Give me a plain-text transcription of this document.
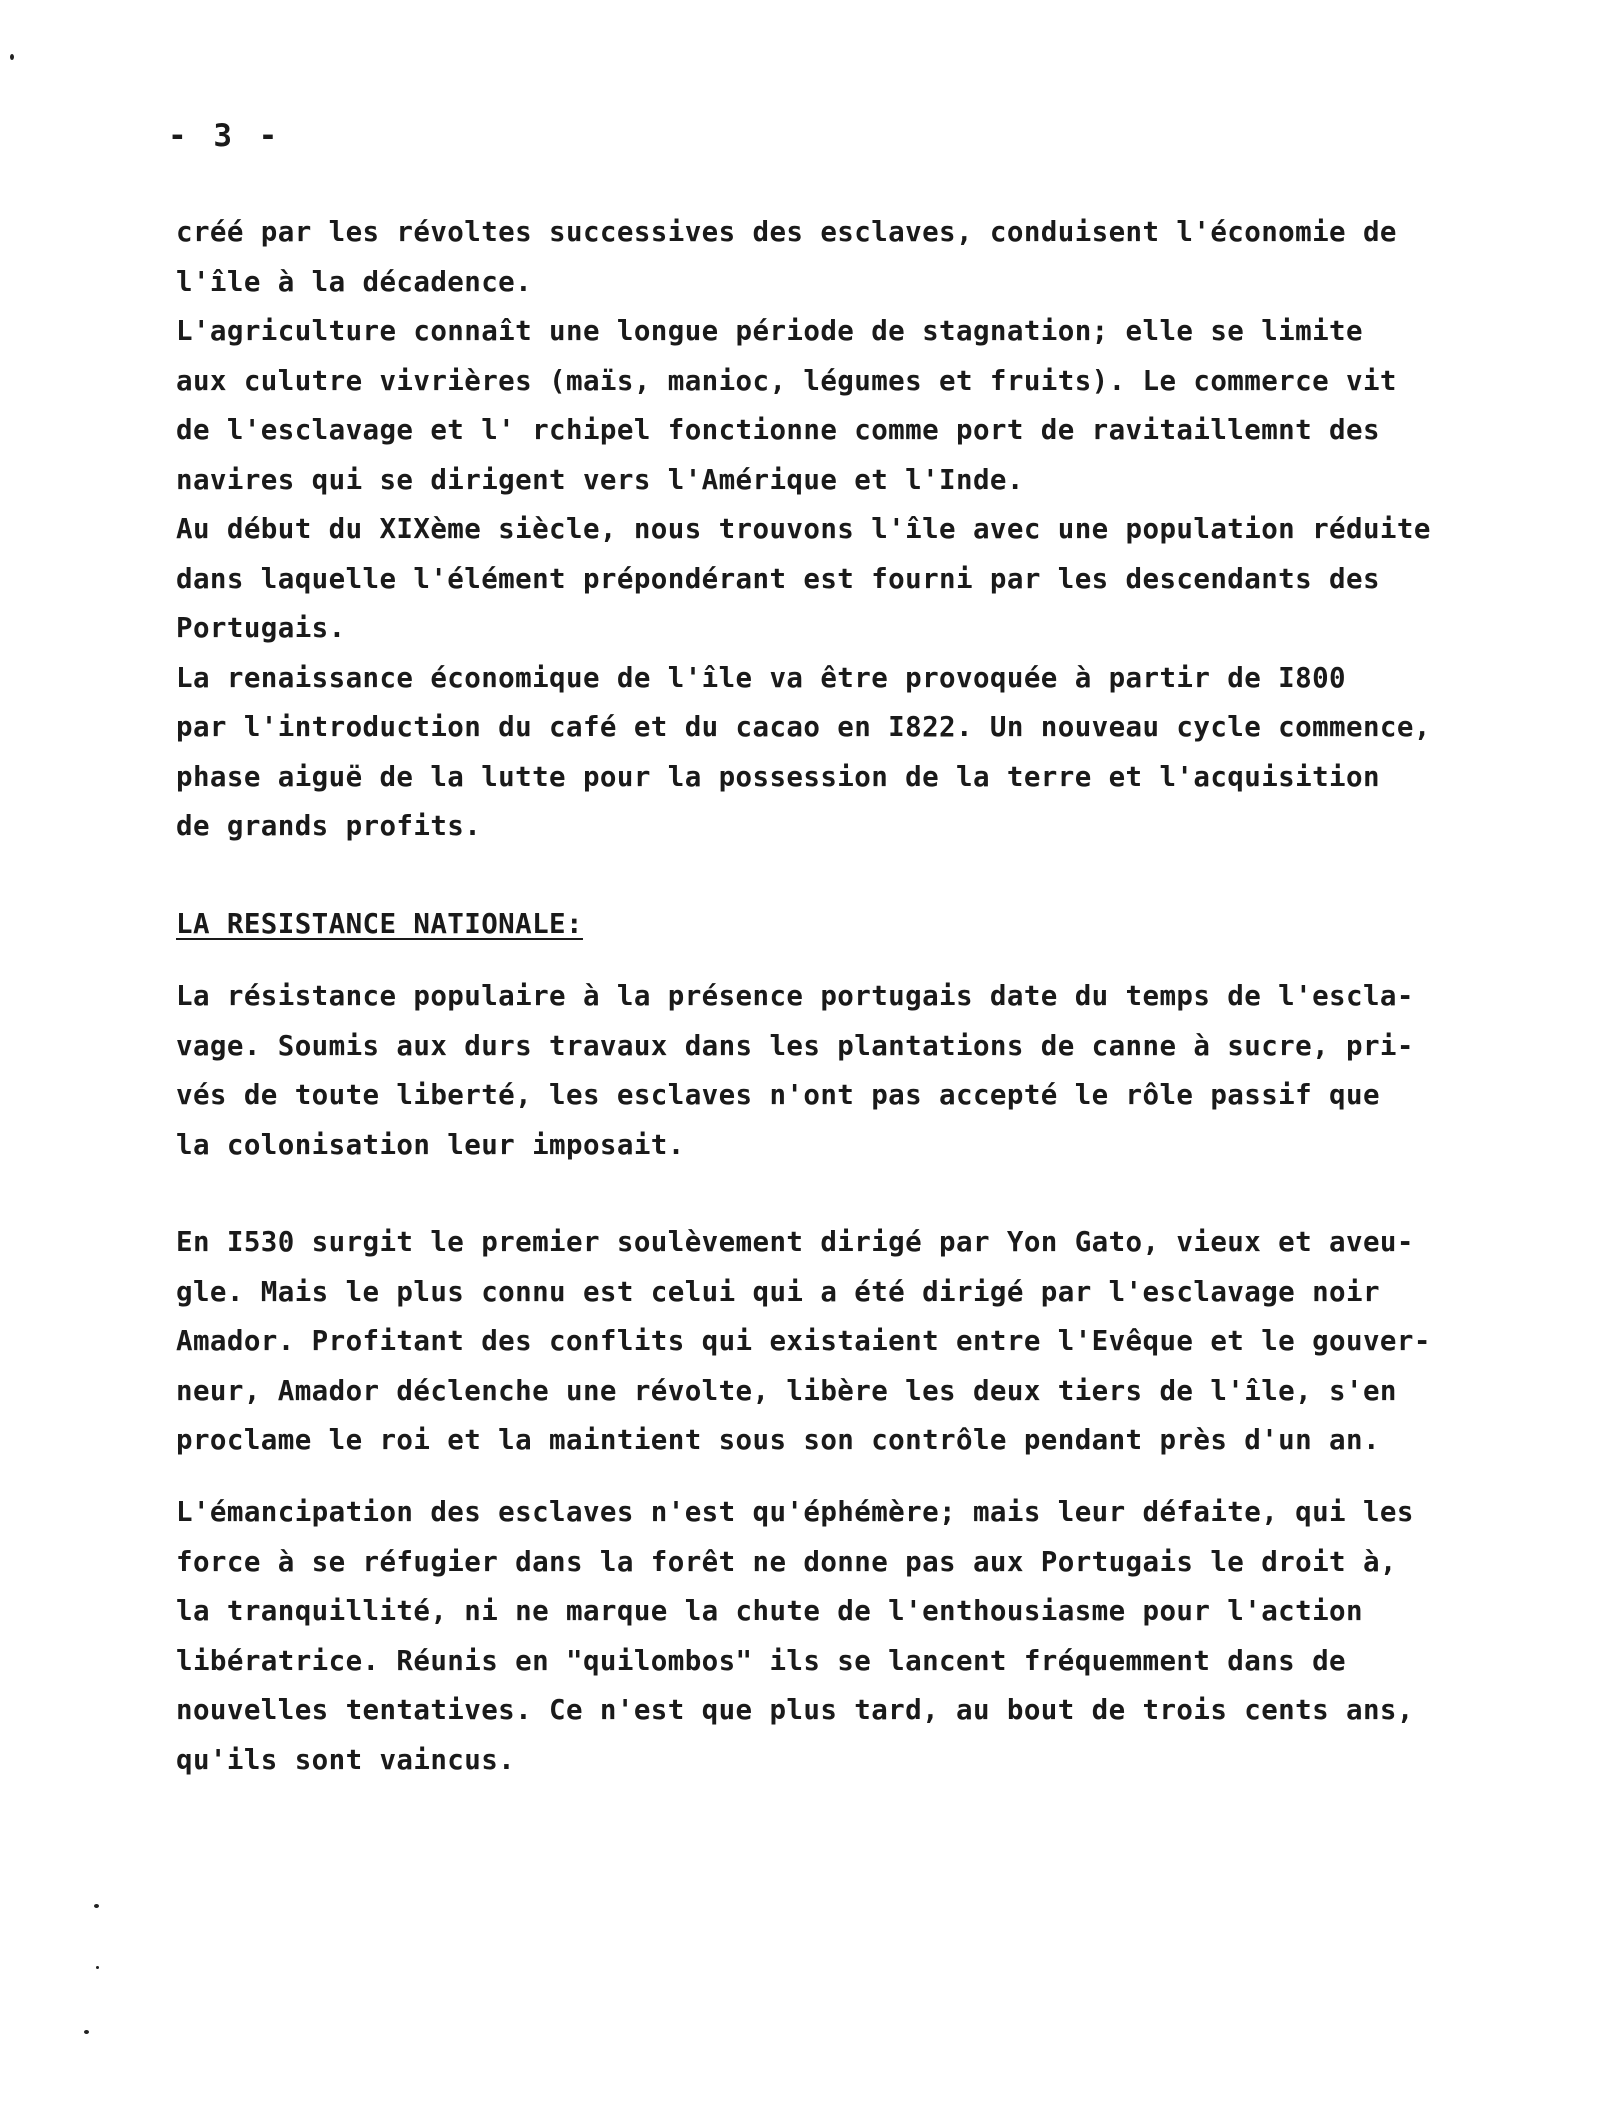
- 3 -
créé par les révoltes successives des esclaves, conduisent l'économie de
l'île à la décadence.
L'agriculture connaît une longue période de stagnation; elle se limite
aux culutre vivrières (maïs, manioc, légumes et fruits). Le commerce vit
de l'esclavage et l' rchipel fonctionne comme port de ravitaillemnt des
navires qui se dirigent vers l'Amérique et l'Inde.
Au début du XIXème siècle, nous trouvons l'île avec une population réduite
dans laquelle l'élément prépondérant est fourni par les descendants des
Portugais.
La renaissance économique de l'île va être provoquée à partir de I800
par l'introduction du café et du cacao en I822. Un nouveau cycle commence,
phase aiguë de la lutte pour la possession de la terre et l'acquisition
de grands profits.
LA RESISTANCE NATIONALE:
La résistance populaire à la présence portugais date du temps de l'escla-
vage. Soumis aux durs travaux dans les plantations de canne à sucre, pri-
vés de toute liberté, les esclaves n'ont pas accepté le rôle passif que
la colonisation leur imposait.
En I530 surgit le premier soulèvement dirigé par Yon Gato, vieux et aveu-
gle. Mais le plus connu est celui qui a été dirigé par l'esclavage noir
Amador. Profitant des conflits qui existaient entre l'Evêque et le gouver-
neur, Amador déclenche une révolte, libère les deux tiers de l'île, s'en
proclame le roi et la maintient sous son contrôle pendant près d'un an.
L'émancipation des esclaves n'est qu'éphémère; mais leur défaite, qui les
force à se réfugier dans la forêt ne donne pas aux Portugais le droit à,
la tranquillité, ni ne marque la chute de l'enthousiasme pour l'action
libératrice. Réunis en "quilombos" ils se lancent fréquemment dans de
nouvelles tentatives. Ce n'est que plus tard, au bout de trois cents ans,
qu'ils sont vaincus.
